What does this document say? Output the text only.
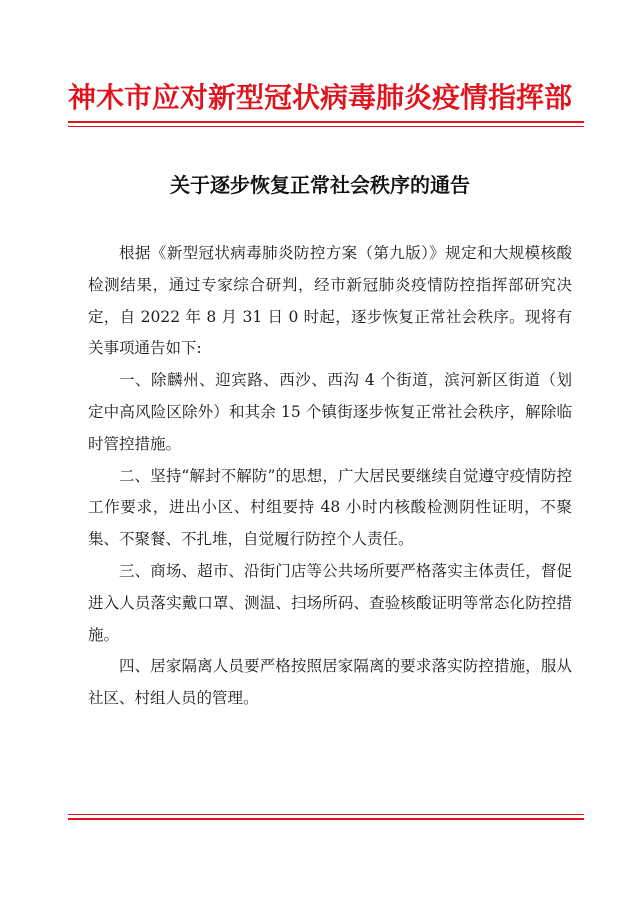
神木市应对新型冠状病毒肺炎疫情指挥部
关于逐步恢复正常社会秩序的通告

根据《新型冠状病毒肺炎防控方案（第九版）》规定和大规模核酸检测结果，通过专家综合研判，经市新冠肺炎疫情防控指挥部研究决定，自 2022 年 8 月 31 日 0 时起，逐步恢复正常社会秩序。现将有关事项通告如下:

一、除麟州、迎宾路、西沙、西沟 4 个街道，滨河新区街道（划定中高风险区除外）和其余 15 个镇街逐步恢复正常社会秩序，解除临时管控措施。

二、坚持“解封不解防”的思想，广大居民要继续自觉遵守疫情防控工作要求，进出小区、村组要持 48 小时内核酸检测阴性证明，不聚集、不聚餐、不扎堆，自觉履行防控个人责任。

三、商场、超市、沿街门店等公共场所要严格落实主体责任，督促进入人员落实戴口罩、测温、扫场所码、查验核酸证明等常态化防控措施。

四、居家隔离人员要严格按照居家隔离的要求落实防控措施，服从社区、村组人员的管理。
